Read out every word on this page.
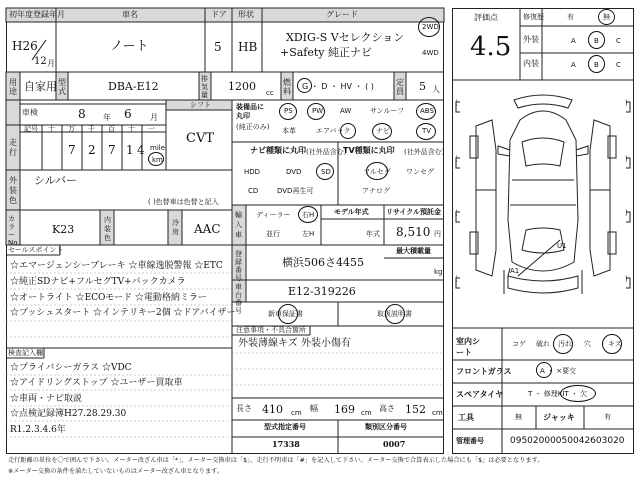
初年度登録年月
H26
12 月
車名
ノート
ドア
5
形状
HB
グレード
XDIG-S Vセレクション
+Safety 純正ナビ
2WD
4WD
用途 自家用 型式	DBA-E12
排気量
1200 cc
燃料
G ・ D ・ HV ・ ( )	定員 5 人
車検	8 年 6 月
シフト
CVT
走行
記号 十 万 千 百 十 一
7 2 7 1 4 mile
km
外装色
シルバー
( )色替車は色替と記入
カラー No.
K23
内装色
冷房 AAC
セールスポイント
☆エマージェンシーブレーキ ☆車線逸脱警報 ☆ETC
☆純正SDナビ+フルセグTV+バックカメラ
☆オートライト ☆ECOモード ☆電動格納ミラー
☆プッシュスタート ☆インテリキー2個 ☆ドアバイザー
検査記入欄
☆プライバシーガラス ☆VDC
☆アイドリングストップ ☆ユーザー買取車
☆車両・ナビ取説
☆点検記録簿H27.28.29.30
R1.2.3.4.6年
装備品に丸印
(純正のみ)
PS	PW AW	サンルーフ ABS
本革	エアバック	ナビ	TV
ナビ種類に丸印 (社外品含む)
HDD	DVD	SD
CD	DVD再生可
TV種類に丸印 (社外品含む)
フルセグ ワンセグ
アナログ
輸入車
ディーラー 右H
並行	左H
モデル年式
年式
リサイクル預託金
8,510 円
最大積載量
kg
登録番号
横浜506さ4455
車台番号
E12-319226
新車保証書	取扱説明書
注意事項・不具合箇所
外装薄線キズ 外装小傷有
長さ 410 cm 幅 169 cm 高さ 152 cm
型式指定番号
17338
類別区分番号
0007
評価点
4.5
修復歴	有	無
外装	A	B C
内装	A	B C
(	)
(	)
(	)
(	)
U1
A1
室内シート
コゲ 破れ 汚れ 穴 キズ
フロントガラス	A ・ ×要交
スペアタイヤ	T ・ 修理KIT ・ 欠
工具	無	ジャッキ	有
管理番号	09502000050042603020
走行距離の単位を〇で囲んで下さい。メーター改ざん車は「*」、メーター交換車は「$」、走行不明車は「#」を記入して下さい。メーター交換で合算表示した場合にも「$」は必要となります。
※メーター交換の条件を満たしていないものはメーター改ざん車となります。
